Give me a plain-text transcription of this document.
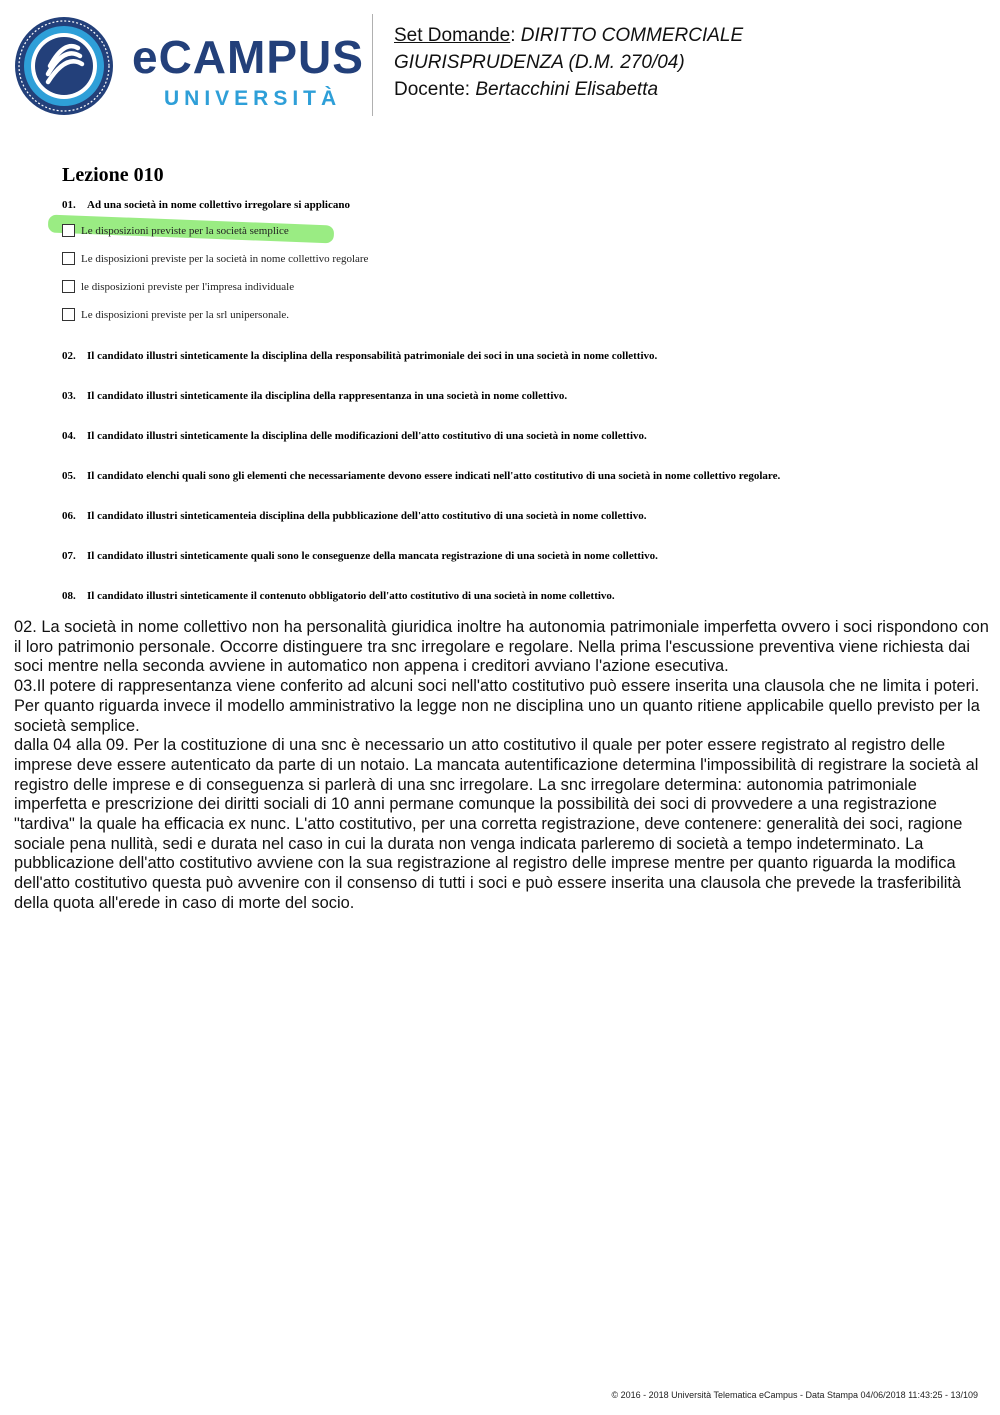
eCAMPUS
UNIVERSITÀ
Set Domande: DIRITTO COMMERCIALE
GIURISPRUDENZA (D.M. 270/04)
Docente: Bertacchini Elisabetta
Lezione 010
01. Ad una società in nome collettivo irregolare si applicano
Le disposizioni previste per la società semplice
Le disposizioni previste per la società in nome collettivo regolare
le disposizioni previste per l'impresa individuale
Le disposizioni previste per la srl unipersonale.
02. Il candidato illustri sinteticamente la disciplina della responsabilità patrimoniale dei soci in una società in nome collettivo.
03. Il candidato illustri sinteticamente ila disciplina della rappresentanza in una società in nome collettivo.
04. Il candidato illustri sinteticamente la disciplina delle modificazioni dell'atto costitutivo di una società in nome collettivo.
05. Il candidato elenchi quali sono gli elementi che necessariamente devono essere indicati nell'atto costitutivo di una società in nome collettivo regolare.
06. Il candidato illustri sinteticamenteia disciplina della pubblicazione dell'atto costitutivo di una società in nome collettivo.
07. Il candidato illustri sinteticamente quali sono le conseguenze della mancata registrazione di una società in nome collettivo.
08. Il candidato illustri sinteticamente il contenuto obbligatorio dell'atto costitutivo di una società in nome collettivo.

02. La società in nome collettivo non ha personalità giuridica inoltre ha autonomia patrimoniale imperfetta ovvero i soci rispondono con il loro patrimonio personale. Occorre distinguere tra snc irregolare e regolare. Nella prima l'escussione preventiva viene richiesta dai soci mentre nella seconda avviene in automatico non appena i creditori avviano l'azione esecutiva.

03.Il potere di rappresentanza viene conferito ad alcuni soci nell'atto costitutivo può essere inserita una clausola che ne limita i poteri. Per quanto riguarda invece il modello amministrativo la legge non ne disciplina uno un quanto ritiene applicabile quello previsto per la società semplice.

dalla 04 alla 09. Per la costituzione di una snc è necessario un atto costitutivo il quale per poter essere registrato al registro delle imprese deve essere autenticato da parte di un notaio. La mancata autentificazione determina l'impossibilità di registrare la società al registro delle imprese e di conseguenza si parlerà di una snc irregolare. La snc irregolare determina: autonomia patrimoniale imperfetta e prescrizione dei diritti sociali di 10 anni permane comunque la possibilità dei soci di provvedere a una registrazione "tardiva" la quale ha efficacia ex nunc. L'atto costitutivo, per una corretta registrazione, deve contenere: generalità dei soci, ragione sociale pena nullità, sedi e durata nel caso in cui la durata non venga indicata parleremo di società a tempo indeterminato. La pubblicazione dell'atto costitutivo avviene con la sua registrazione al registro delle imprese mentre per quanto riguarda la modifica dell'atto costitutivo questa può avvenire con il consenso di tutti i soci e può essere inserita una clausola che prevede la trasferibilità della quota all'erede in caso di morte del socio.

© 2016 - 2018 Università Telematica eCampus - Data Stampa 04/06/2018 11:43:25 - 13/109
